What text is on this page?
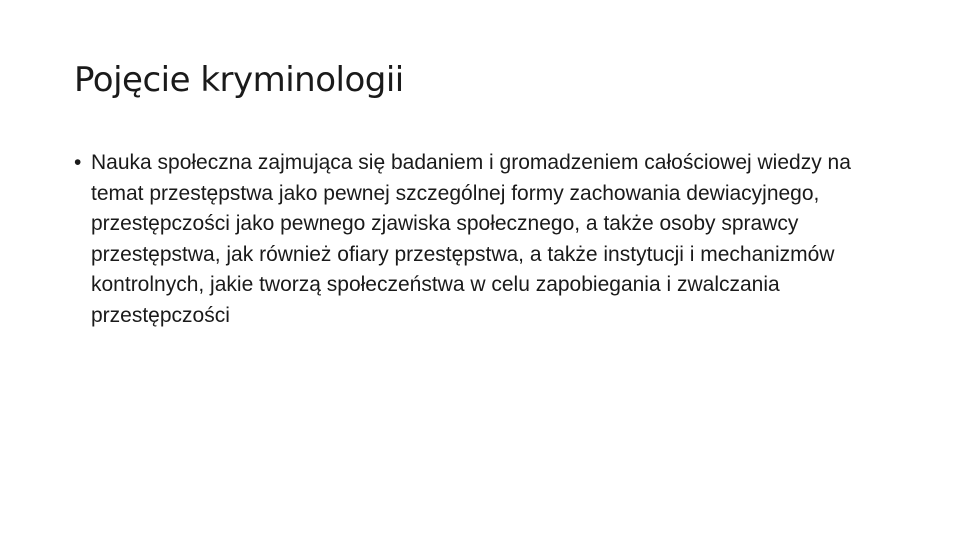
Pojęcie kryminologii
• Nauka społeczna zajmująca się badaniem i gromadzeniem całościowej wiedzy na temat przestępstwa jako pewnej szczególnej formy zachowania dewiacyjnego, przestępczości jako pewnego zjawiska społecznego, a także osoby sprawcy przestępstwa, jak również ofiary przestępstwa, a także instytucji i mechanizmów kontrolnych, jakie tworzą społeczeństwa w celu zapobiegania i zwalczania przestępczości
